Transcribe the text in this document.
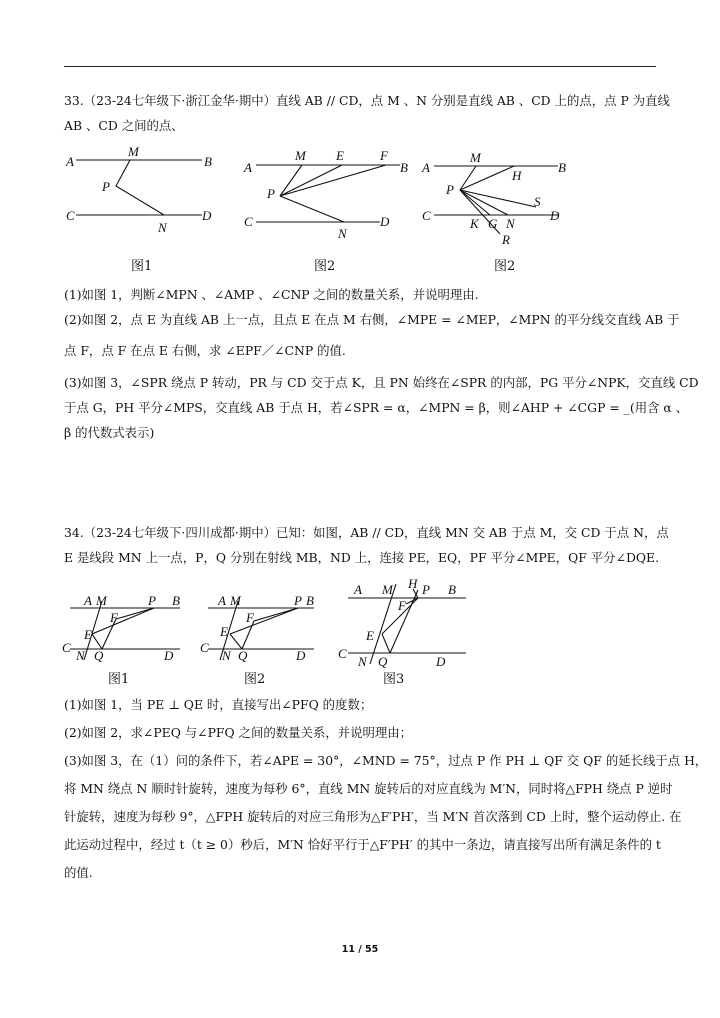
33.（23-24七年级下·浙江金华·期中）直线 AB // CD，点 M 、N 分别是直线 AB 、CD 上的点，点 P 为直线
AB 、CD 之间的点、
A
M
B
P
C
N
D
A
M E	F
B
P
C
N
D
A
M
B
H
P
S
C	D
K G N
R
图1	图2	图2
(1)如图 1，判断∠MPN 、∠AMP 、∠CNP 之间的数量关系，并说明理由.
(2)如图 2，点 E 为直线 AB 上一点，且点 E 在点 M 右侧，∠MPE = ∠MEP，∠MPN 的平分线交直线 AB 于
点 F，点 F 在点 E 右侧，求 ∠EPF／∠CNP 的值.
(3)如图 3，∠SPR 绕点 P 转动，PR 与 CD 交于点 K，且 PN 始终在∠SPR 的内部，PG 平分∠NPK，交直线 CD
于点 G，PH 平分∠MPS，交直线 AB 于点 H，若∠SPR = α，∠MPN = β，则∠AHP + ∠CGP = _(用含 α 、
β 的代数式表示)
34.（23-24七年级下·四川成都·期中）已知：如图，AB // CD，直线 MN 交 AB 于点 M，交 CD 于点 N，点
E 是线段 MN 上一点，P，Q 分别在射线 MB，ND 上，连接 PE，EQ，PF 平分∠MPE，QF 平分∠DQE.
A M	P B
F
E
C
N Q	D
A M	P B
F
E
C
N Q	D
A M H P B
F
E
C
N Q	D
图1	图2	图3
(1)如图 1，当 PE ⊥ QE 时，直接写出∠PFQ 的度数；
(2)如图 2，求∠PEQ 与∠PFQ 之间的数量关系，并说明理由；
(3)如图 3，在（1）问的条件下，若∠APE = 30°，∠MND = 75°，过点 P 作 PH ⊥ QF 交 QF 的延长线于点 H，
将 MN 绕点 N 顺时针旋转，速度为每秒 6°，直线 MN 旋转后的对应直线为 M′N，同时将△FPH 绕点 P 逆时
针旋转，速度为每秒 9°，△FPH 旋转后的对应三角形为△F′PH′，当 M′N 首次落到 CD 上时，整个运动停止. 在
此运动过程中，经过 t（t ≥ 0）秒后，M′N 恰好平行于△F′PH′ 的其中一条边，请直接写出所有满足条件的 t
的值.
11 / 55
